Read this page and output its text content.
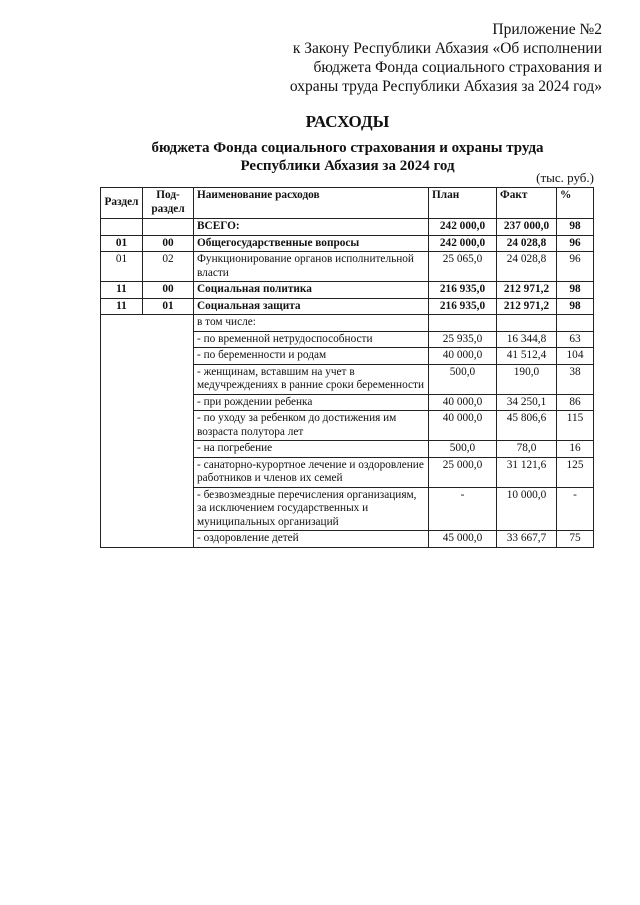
Приложение №2
к Закону Республики Абхазия «Об исполнении
бюджета Фонда социального страхования и
охраны труда Республики Абхазия за 2024 год»
РАСХОДЫ
бюджета Фонда социального страхования и охраны труда
Республики Абхазия за 2024 год
(тыс. руб.)
Раздел	Под-раздел	Наименование расходов	План	Факт	%
		ВСЕГО:	242 000,0	237 000,0	98
01	00	Общегосударственные вопросы	242 000,0	24 028,8	96
01	02	Функционирование органов исполнительной власти	25 065,0	24 028,8	96
11	00	Социальная политика	216 935,0	212 971,2	98
11	01	Социальная защита	216 935,0	212 971,2	98
		в том числе:			
		- по временной нетрудоспособности	25 935,0	16 344,8	63
		- по беременности и родам	40 000,0	41 512,4	104
		- женщинам, вставшим на учет в медучреждениях в ранние сроки беременности	500,0	190,0	38
		- при рождении ребенка	40 000,0	34 250,1	86
		- по уходу за ребенком до достижения им возраста полутора лет	40 000,0	45 806,6	115
		- на погребение	500,0	78,0	16
		- санаторно-курортное лечение и оздоровление работников и членов их семей	25 000,0	31 121,6	125
		- безвозмездные перечисления организациям, за исключением государственных и муниципальных организаций	-	10 000,0	-
		- оздоровление детей	45 000,0	33 667,7	75
